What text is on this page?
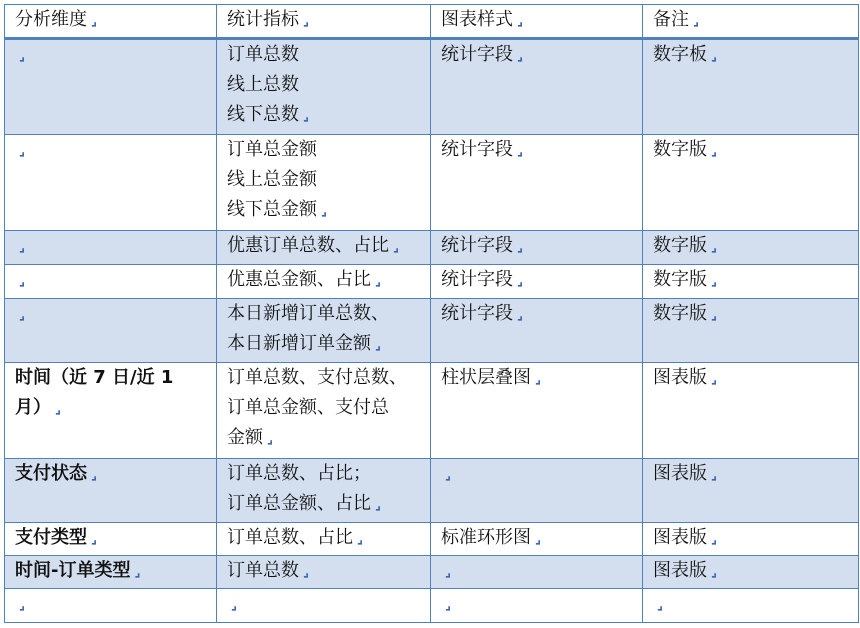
分析维度 ⌟	统计指标 ⌟	图表样式 ⌟	备注 ⌟

⌟	订单总数
线上总数
线下总数 ⌟	统计字段 ⌟	数字板 ⌟

⌟	订单总金额
线上总金额
线下总金额 ⌟	统计字段 ⌟	数字版 ⌟

⌟	优惠订单总数、占比 ⌟	统计字段 ⌟	数字版 ⌟

⌟	优惠总金额、占比 ⌟	统计字段 ⌟	数字版 ⌟

⌟	本日新增订单总数、
本日新增订单金额 ⌟	统计字段 ⌟	数字版 ⌟

时间（近 7 日/近 1
月） ⌟	订单总数、支付总数、
订单总金额、支付总
金额 ⌟	柱状层叠图 ⌟	图表版 ⌟

支付状态 ⌟	订单总数、占比；
订单总金额、占比 ⌟	⌟	图表版 ⌟

支付类型 ⌟	订单总数、占比 ⌟	标准环形图 ⌟	图表版 ⌟

时间-订单类型 ⌟	订单总数 ⌟	⌟	图表版 ⌟

⌟	⌟	⌟	⌟
